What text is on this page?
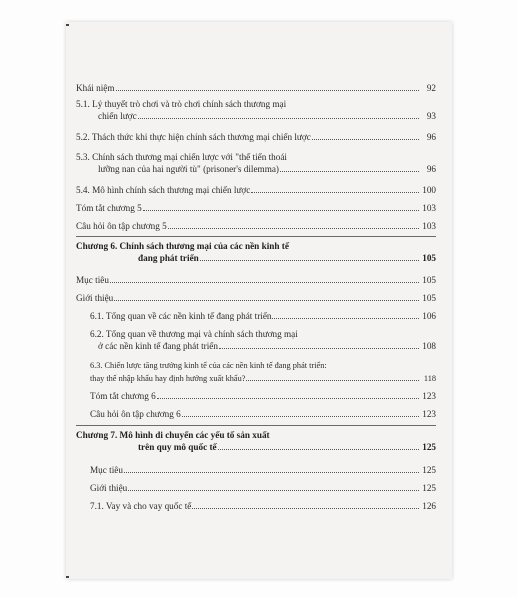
Khái niệm	92
5.1. Lý thuyết trò chơi và trò chơi chính sách thương mại
chiến lược	93
5.2. Thách thức khi thực hiện chính sách thương mại chiến lược	96
5.3. Chính sách thương mại chiến lược với "thế tiến thoái
lưỡng nan của hai người tù" (prisoner's dilemma)	96
5.4. Mô hình chính sách thương mại chiến lược	100
Tóm tắt chương 5	103
Câu hỏi ôn tập chương 5	103
Chương 6. Chính sách thương mại của các nền kinh tế
đang phát triển	105
Mục tiêu	105
Giới thiệu	105
6.1. Tổng quan về các nền kinh tế đang phát triển	106
6.2. Tổng quan về thương mại và chính sách thương mại
ở các nền kinh tế đang phát triển	108
6.3. Chiến lược tăng trưởng kinh tế của các nền kinh tế đang phát triển:
thay thế nhập khẩu hay định hướng xuất khẩu?	118
Tóm tắt chương 6	123
Câu hỏi ôn tập chương 6	123
Chương 7. Mô hình di chuyển các yếu tố sản xuất
trên quy mô quốc tế	125
Mục tiêu	125
Giới thiệu	125
7.1. Vay và cho vay quốc tế	126
